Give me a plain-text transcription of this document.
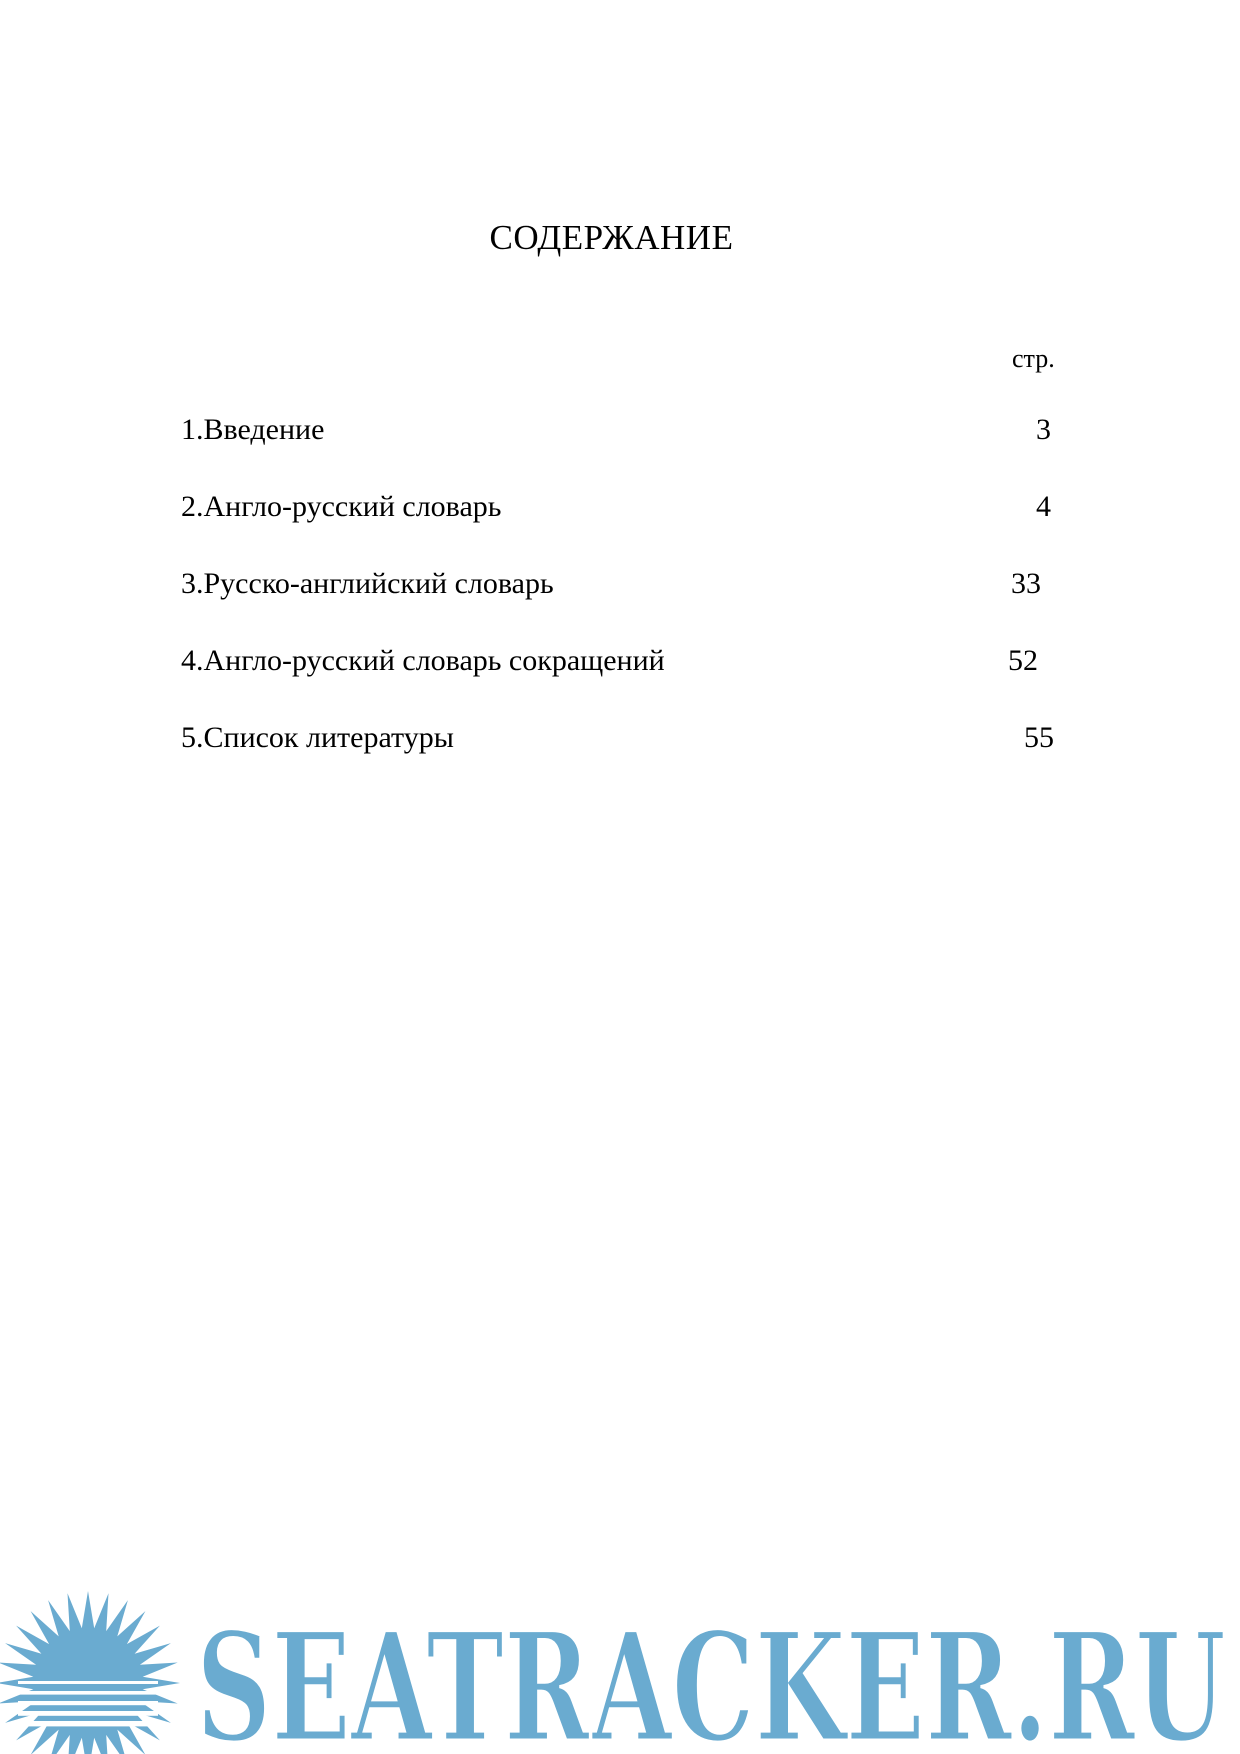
СОДЕРЖАНИЕ
стр.
1.Введение	3
2.Англо-русский словарь	4
3.Русско-английский словарь	33
4.Англо-русский словарь сокращений	52
5.Список литературы	55
SEATRACKER.RU
